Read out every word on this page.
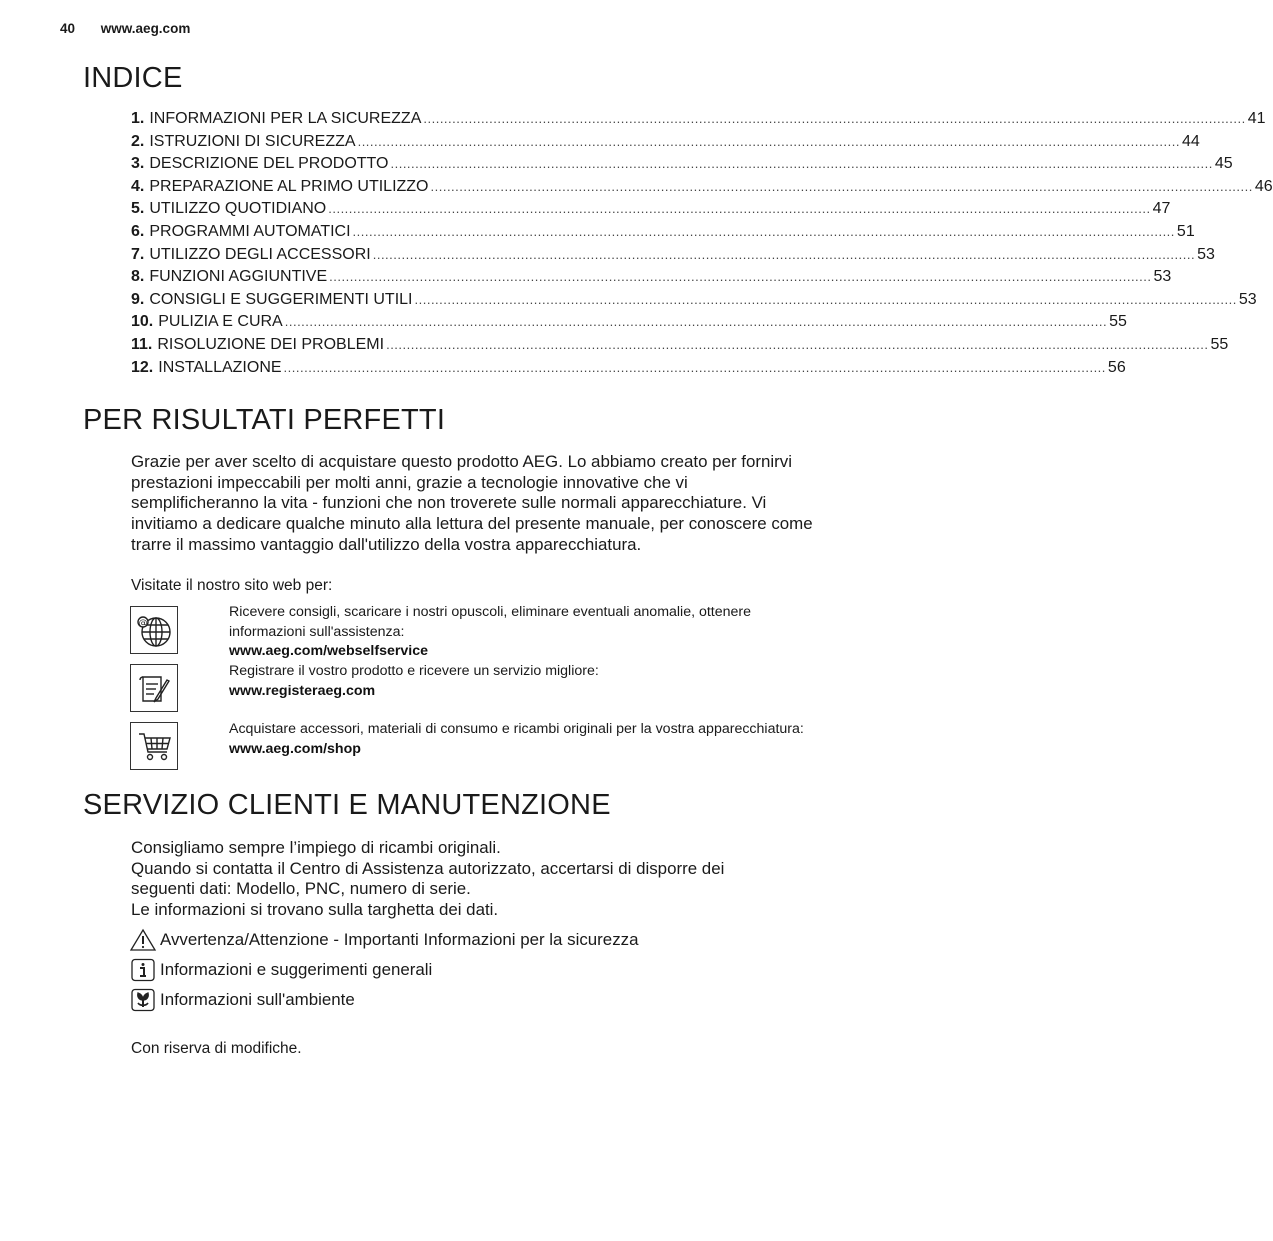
40 www.aeg.com
INDICE
1. INFORMAZIONI PER LA SICUREZZA ........................................................................................................................................................................................................ 41
2. ISTRUZIONI DI SICUREZZA ........................................................................................................................................................................................................ 44
3. DESCRIZIONE DEL PRODOTTO ........................................................................................................................................................................................................ 45
4. PREPARAZIONE AL PRIMO UTILIZZO ........................................................................................................................................................................................................ 46
5. UTILIZZO QUOTIDIANO ........................................................................................................................................................................................................ 47
6. PROGRAMMI AUTOMATICI ........................................................................................................................................................................................................ 51
7. UTILIZZO DEGLI ACCESSORI ........................................................................................................................................................................................................ 53
8. FUNZIONI AGGIUNTIVE ........................................................................................................................................................................................................ 53
9. CONSIGLI E SUGGERIMENTI UTILI ........................................................................................................................................................................................................ 53
10. PULIZIA E CURA ........................................................................................................................................................................................................ 55
11. RISOLUZIONE DEI PROBLEMI ........................................................................................................................................................................................................ 55
12. INSTALLAZIONE ........................................................................................................................................................................................................ 56
PER RISULTATI PERFETTI

Grazie per aver scelto di acquistare questo prodotto AEG. Lo abbiamo creato per fornirvi prestazioni impeccabili per molti anni, grazie a tecnologie innovative che vi semplificheranno la vita - funzioni che non troverete sulle normali apparecchiature. Vi invitiamo a dedicare qualche minuto alla lettura del presente manuale, per conoscere come trarre il massimo vantaggio dall'utilizzo della vostra apparecchiatura.

Visitate il nostro sito web per:

@
Ricevere consigli, scaricare i nostri opuscoli, eliminare eventuali anomalie, ottenere informazioni sull'assistenza:
www.aeg.com/webselfservice
Registrare il vostro prodotto e ricevere un servizio migliore:
www.registeraeg.com
Acquistare accessori, materiali di consumo e ricambi originali per la vostra apparecchiatura:
www.aeg.com/shop
SERVIZIO CLIENTI E MANUTENZIONE
Consigliamo sempre l’impiego di ricambi originali.
Quando si contatta il Centro di Assistenza autorizzato, accertarsi di disporre dei
seguenti dati: Modello, PNC, numero di serie.
Le informazioni si trovano sulla targhetta dei dati.
Avvertenza/Attenzione - Importanti Informazioni per la sicurezza
Informazioni e suggerimenti generali
Informazioni sull'ambiente
Con riserva di modifiche.
